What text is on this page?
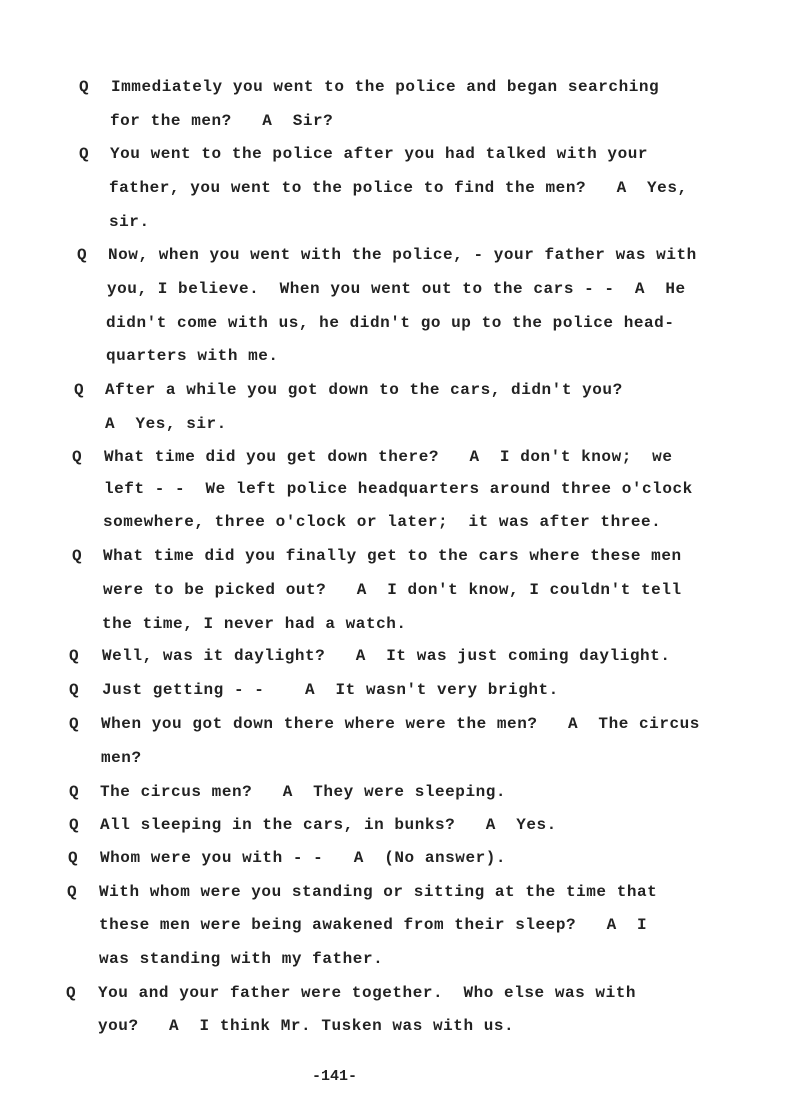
Q
Q
Q
Q
Q
Q
Q
Q
Q
Q
Q
Q
Q
Q
Immediately you went to the police and began searching
for the men?   A  Sir?
You went to the police after you had talked with your
father, you went to the police to find the men?   A  Yes,
sir.
Now, when you went with the police, - your father was with
you, I believe.  When you went out to the cars - -  A  He
didn't come with us, he didn't go up to the police head-
quarters with me.
After a while you got down to the cars, didn't you?
A  Yes, sir.
What time did you get down there?   A  I don't know;  we
left - -  We left police headquarters around three o'clock
somewhere, three o'clock or later;  it was after three.
What time did you finally get to the cars where these men
were to be picked out?   A  I don't know, I couldn't tell
the time, I never had a watch.
Well, was it daylight?   A  It was just coming daylight.
Just getting - -    A  It wasn't very bright.
When you got down there where were the men?   A  The circus
men?
The circus men?   A  They were sleeping.
All sleeping in the cars, in bunks?   A  Yes.
Whom were you with - -   A  (No answer).
With whom were you standing or sitting at the time that
these men were being awakened from their sleep?   A  I
was standing with my father.
You and your father were together.  Who else was with
you?   A  I think Mr. Tusken was with us.
-141-
